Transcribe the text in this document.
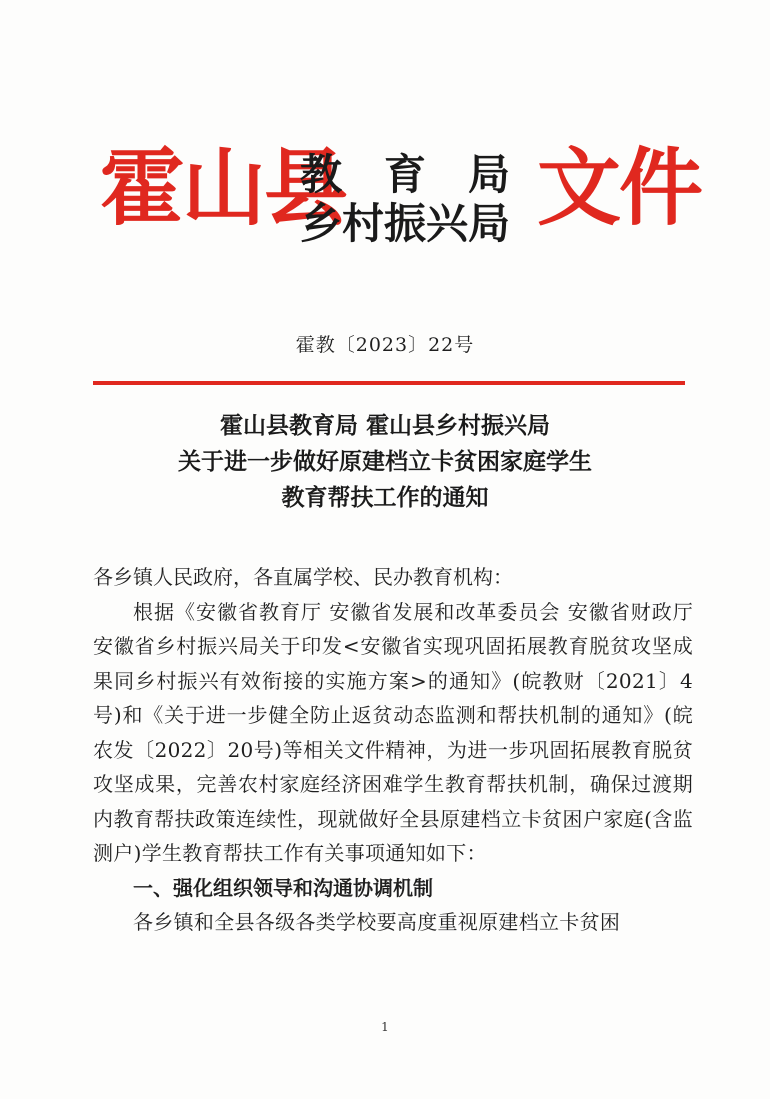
霍山县
教育局
乡村振兴局 文件
霍教〔2023〕22号
霍山县教育局 霍山县乡村振兴局
关于进一步做好原建档立卡贫困家庭学生
教育帮扶工作的通知

各乡镇人民政府，各直属学校、民办教育机构：

根据《安徽省教育厅 安徽省发展和改革委员会 安徽省财政厅 安徽省乡村振兴局关于印发<安徽省实现巩固拓展教育脱贫攻坚成果同乡村振兴有效衔接的实施方案>的通知》(皖教财〔2021〕4号)和《关于进一步健全防止返贫动态监测和帮扶机制的通知》(皖农发〔2022〕20号)等相关文件精神，为进一步巩固拓展教育脱贫攻坚成果，完善农村家庭经济困难学生教育帮扶机制，确保过渡期内教育帮扶政策连续性，现就做好全县原建档立卡贫困户家庭(含监测户)学生教育帮扶工作有关事项通知如下：

一、强化组织领导和沟通协调机制

各乡镇和全县各级各类学校要高度重视原建档立卡贫困

1
